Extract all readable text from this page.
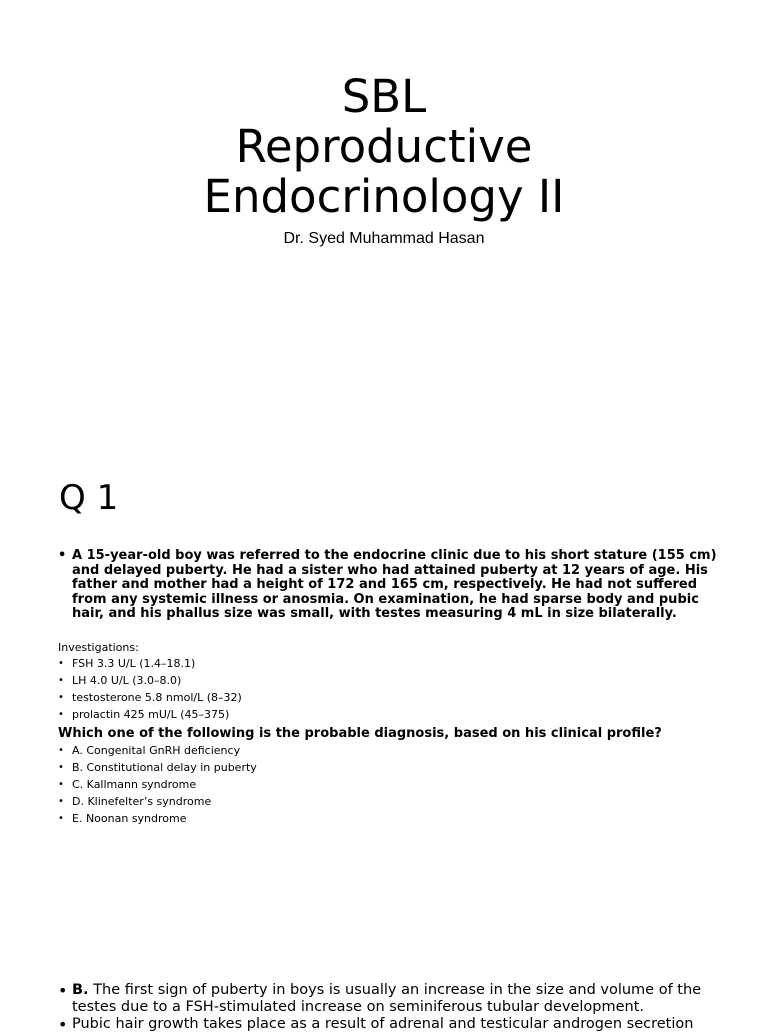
SBL
Reproductive
Endocrinology II
Dr. Syed Muhammad Hasan
Q 1
• A 15-year-old boy was referred to the endocrine clinic due to his short stature (155 cm) and delayed puberty. He had a sister who had attained puberty at 12 years of age. His father and mother had a height of 172 and 165 cm, respectively. He had not suffered from any systemic illness or anosmia. On examination, he had sparse body and pubic hair, and his phallus size was small, with testes measuring 4 mL in size bilaterally.
Investigations:
• FSH 3.3 U/L (1.4–18.1)
• LH 4.0 U/L (3.0–8.0)
• testosterone 5.8 nmol/L (8–32)
• prolactin 425 mU/L (45–375)
Which one of the following is the probable diagnosis, based on his clinical profile?
• A. Congenital GnRH deficiency
• B. Constitutional delay in puberty
• C. Kallmann syndrome
• D. Klinefelter’s syndrome
• E. Noonan syndrome
• B. The first sign of puberty in boys is usually an increase in the size and volume of the testes due to a FSH-stimulated increase on seminiferous tubular development.
• Pubic hair growth takes place as a result of adrenal and testicular androgen secretion
